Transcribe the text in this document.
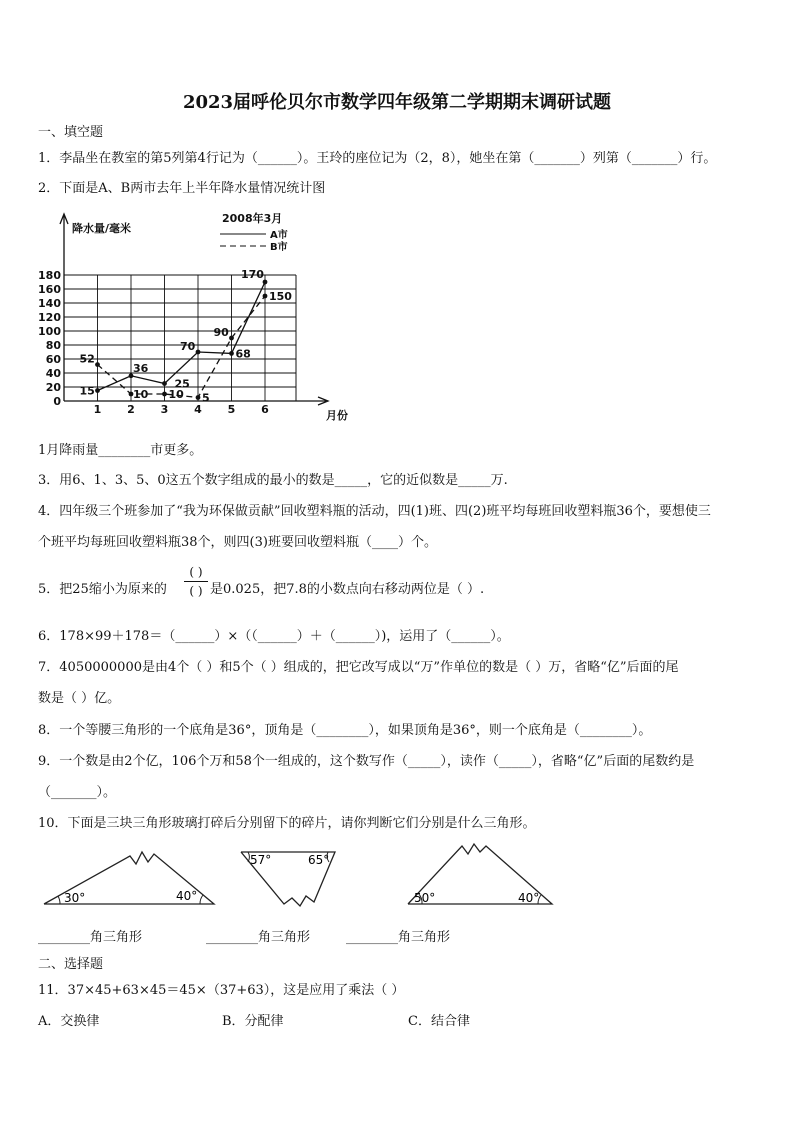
2023届呼伦贝尔市数学四年级第二学期期末调研试题
一、填空题
1．李晶坐在教室的第5列第4行记为（______）。王玲的座位记为（2，8），她坐在第（_______）列第（_______）行。
2．下面是A、B两市去年上半年降水量情况统计图
0
20
40
60
80
100
120
140
160
180
1 2 3 4 5 6
降水量/毫米
月份
2008年3月
A市
B市
15
36
25
70
68
170
52
10 10 5
90
150
1月降雨量________市更多。
3．用6、1、3、5、0这五个数字组成的最小的数是_____，它的近似数是_____万.
4．四年级三个班参加了“我为环保做贡献”回收塑料瓶的活动，四(1)班、四(2)班平均每班回收塑料瓶36个，要想使三
个班平均每班回收塑料瓶38个，则四(3)班要回收塑料瓶（____）个。
5．把25缩小为原来的
( )
( ) 是0.025，把7.8的小数点向右移动两位是（ ）.
6．178×99＋178＝（______）×（（______）＋（______）)，运用了（______）。
7．4050000000是由4个（ ）和5个（ ）组成的，把它改写成以“万”作单位的数是（ ）万，省略“亿”后面的尾
数是（ ）亿。
8．一个等腰三角形的一个底角是36°，顶角是（________），如果顶角是36°，则一个底角是（________）。
9．一个数是由2个亿，106个万和58个一组成的，这个数写作（_____），读作（_____），省略“亿”后面的尾数约是
（_______）。
10．下面是三块三角形玻璃打碎后分别留下的碎片，请你判断它们分别是什么三角形。
30°	40°
57°	65°
50°	40°
________角三角形	________角三角形	________角三角形
二、选择题
11．37×45+63×45＝45×（37+63），这是应用了乘法（ ）
A．交换律	B．分配律	C．结合律
